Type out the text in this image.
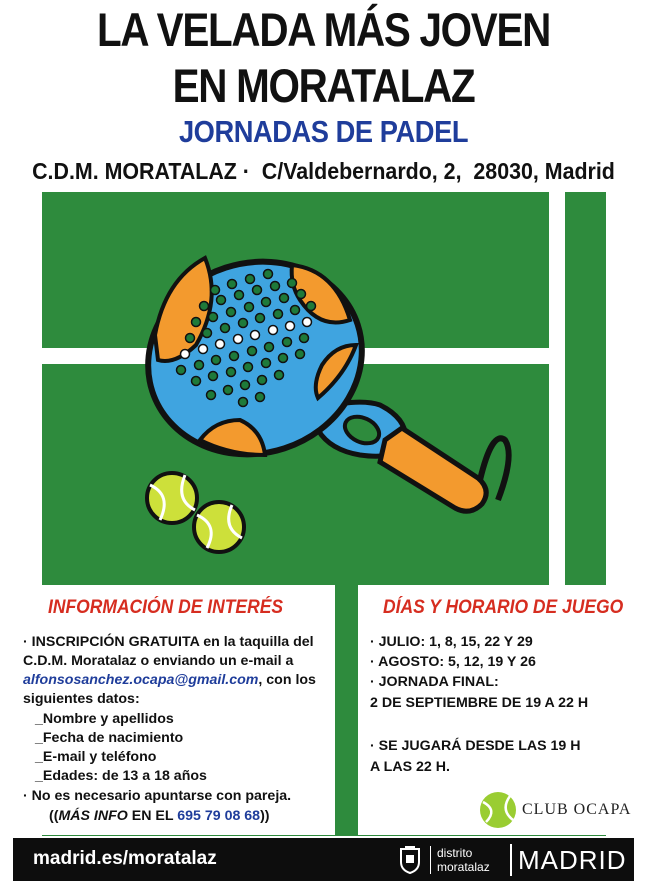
LA VELADA MÁS JOVEN
EN MORATALAZ
JORNADAS DE PADEL
C.D.M. MORATALAZ ·  C/Valdebernardo, 2,  28030, Madrid
INFORMACIÓN DE INTERÉS
· INSCRIPCIÓN GRATUITA en la taquilla del
C.D.M. Moratalaz o enviando un e-mail a
alfonsosanchez.ocapa@gmail.com, con los
siguientes datos:
_Nombre y apellidos
_Fecha de nacimiento
_E-mail y teléfono
_Edades: de 13 a 18 años
· No es necesario apuntarse con pareja.
((MÁS INFO EN EL 695 79 08 68))
DÍAS Y HORARIO DE JUEGO
· JULIO: 1, 8, 15, 22 Y 29
· AGOSTO: 5, 12, 19 Y 26
· JORNADA FINAL:
2 DE SEPTIEMBRE DE 19 A 22 H
· SE JUGARÁ DESDE LAS 19 H
A LAS 22 H.
CLUB OCAPA
madrid.es/moratalaz	distrito
moratalaz MADRID
